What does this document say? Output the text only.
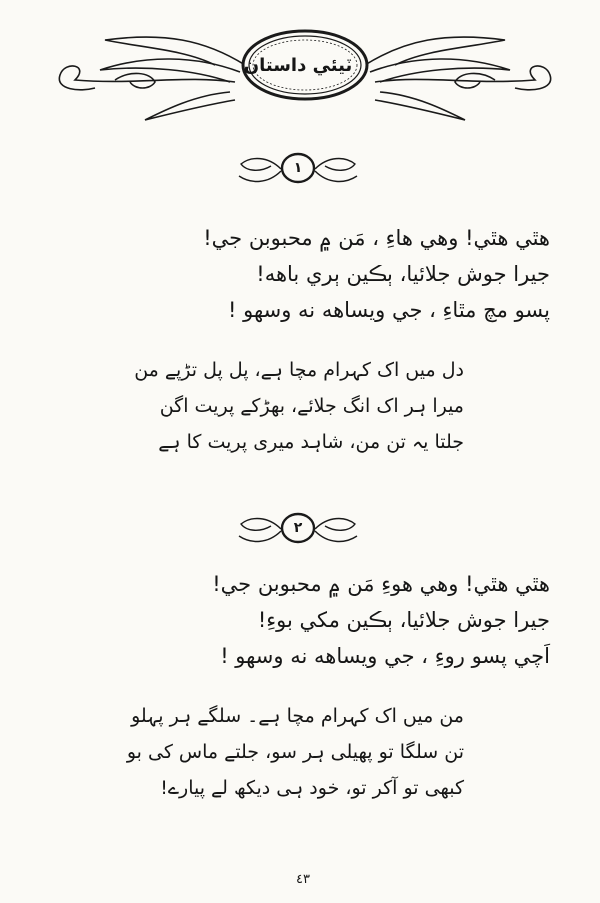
ٽيئي داستان
١
هٿي هٿي! وهي هاءِ ، مَن ۾ محبوبن جي!
جيرا جوش جلائيا، ٻڪين ٻري باهه!
پسو مچ مٿاءِ ، جي ويساهه نه وسهو !
دل میں اک کہرام مچا ہے، پل پل تڑپے من
میرا ہر اک انگ جلائے، بھڑکے پریت اگن
جلتا یہ تن من، شاہد میری پریت کا ہے
٢
هٿي هٿي! وهي هوءِ مَن ۾ محبوبن جي!
جيرا جوش جلائيا، ٻڪين مکي بوءِ!
اَچي پسو روءِ ، جي ويساهه نه وسهو !
من میں اک کہرام مچا ہے۔ سلگے ہر پہلو
تن سلگا تو پھیلی ہر سو، جلتے ماس کی بو
کبھی تو آکر تو، خود ہی دیکھ لے پیارے!
٤٣
